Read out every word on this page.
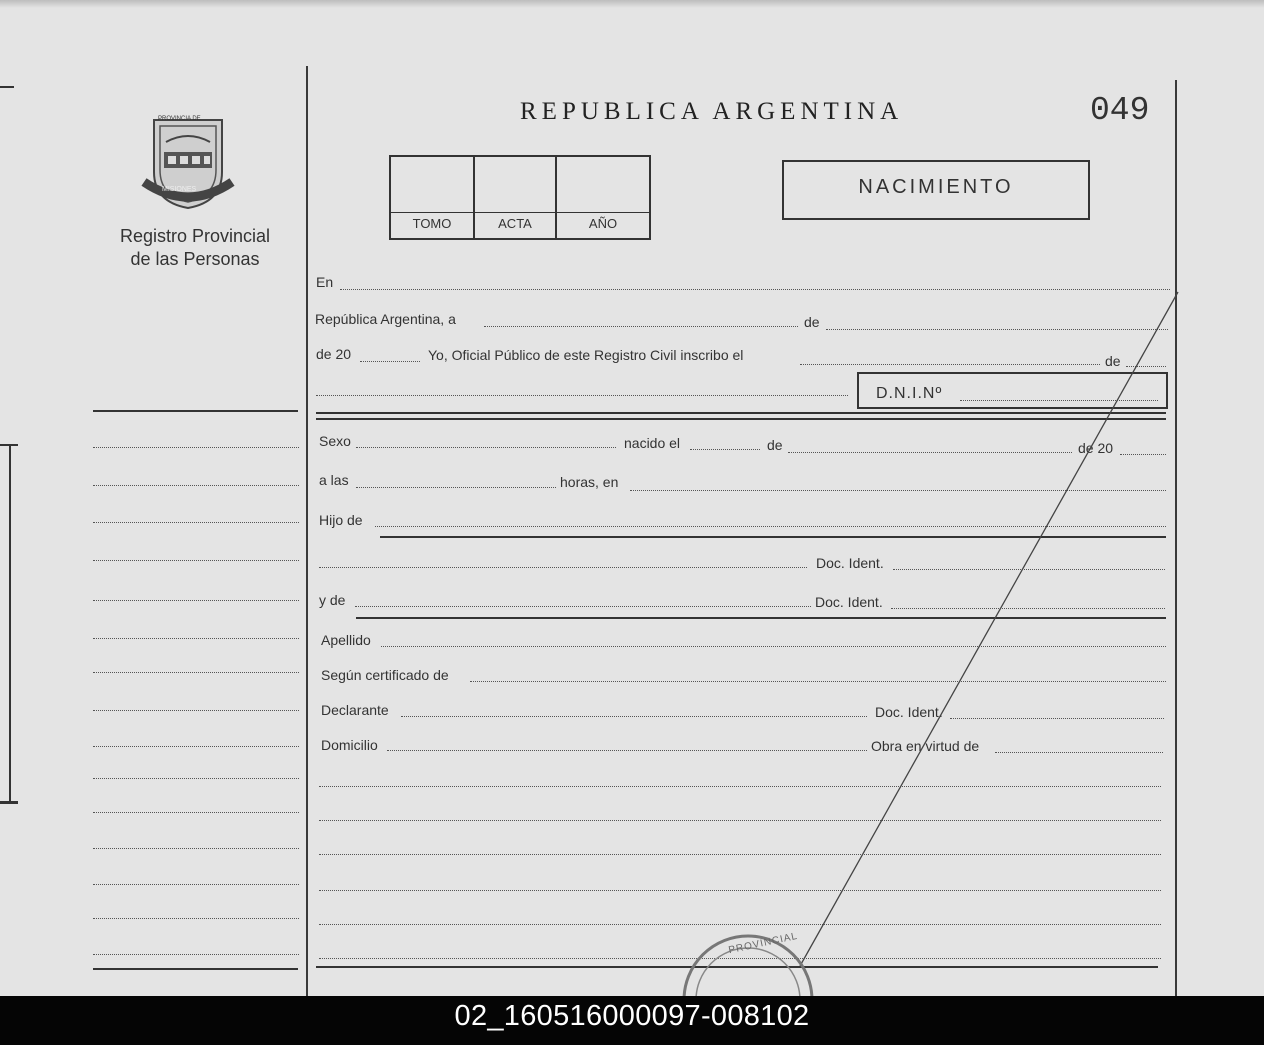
MISIONES
PROVINCIA DE
Registro Provincial
de las Personas
REPUBLICA ARGENTINA	049
TOMO	ACTA	AÑO
NACIMIENTO
En
República Argentina, a	de
de 20	Yo, Oficial Público de este Registro Civil inscribo el	de
D.N.I.Nº
Sexo	nacido el	de	de 20
a las	horas, en
Hijo de
Doc. Ident.
y de	Doc. Ident.
Apellido
Según certificado de
Declarante	Doc. Ident.
Domicilio	Obra en virtud de
PROVINCIAL
02_160516000097-008102
